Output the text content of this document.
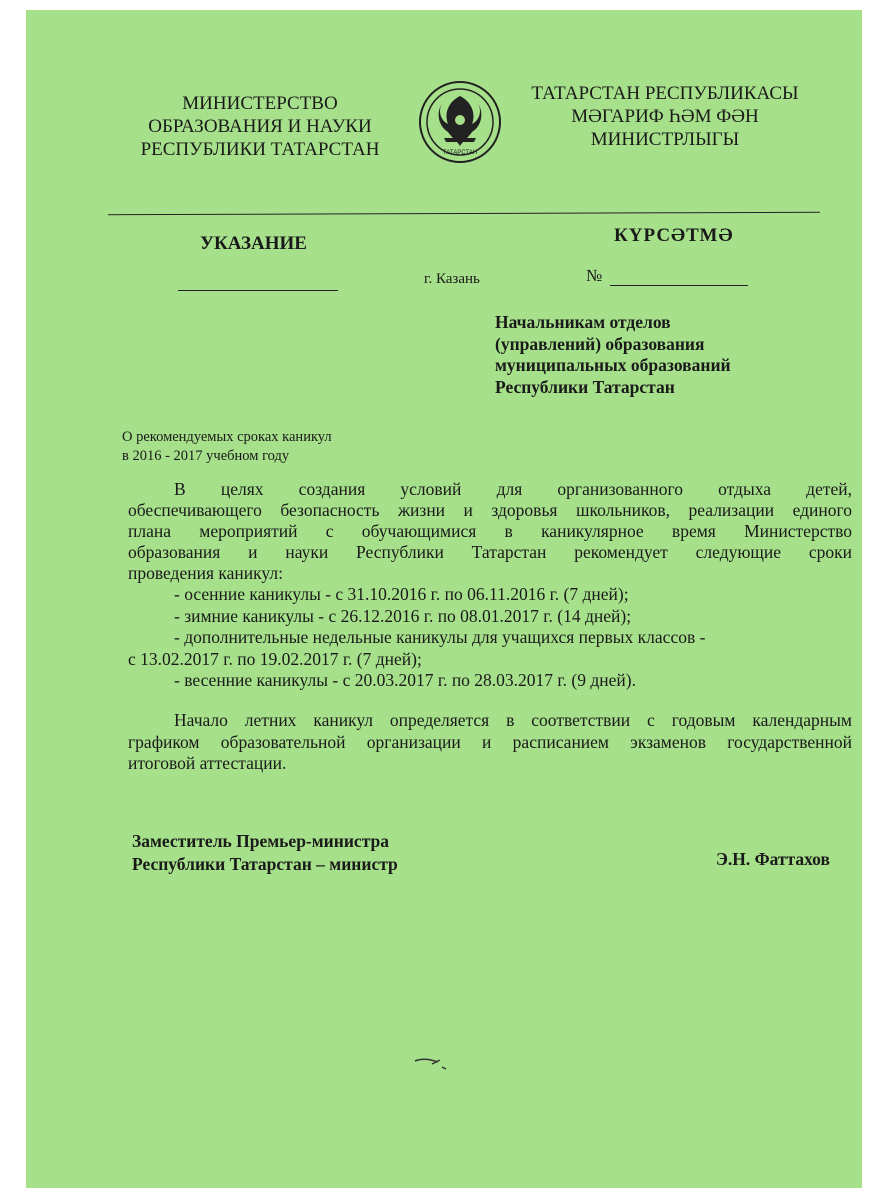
МИНИСТЕРСТВО
ОБРАЗОВАНИЯ И НАУКИ
РЕСПУБЛИКИ ТАТАРСТАН	ТАТАРСТАН
ТАТАРСТАН РЕСПУБЛИКАСЫ
МӘГАРИФ ҺӘМ ФӘН
МИНИСТРЛЫГЫ
УКАЗАНИЕ	КҮРСӘТМӘ
г. Казань	№
Начальникам отделов
(управлений) образования
муниципальных образований
Республики Татарстан
О рекомендуемых сроках каникул
в 2016 - 2017 учебном году
В целях создания условий для организованного отдыха детей,
обеспечивающего безопасность жизни и здоровья школьников, реализации единого
плана мероприятий с обучающимися в каникулярное время Министерство
образования и науки Республики Татарстан рекомендует следующие сроки
проведения каникул:
- осенние каникулы - с 31.10.2016 г. по 06.11.2016 г. (7 дней);
- зимние каникулы - с 26.12.2016 г. по 08.01.2017 г. (14 дней);
- дополнительные недельные каникулы для учащихся первых классов -
с 13.02.2017 г. по 19.02.2017 г. (7 дней);
- весенние каникулы - с 20.03.2017 г. по 28.03.2017 г. (9 дней).
Начало летних каникул определяется в соответствии с годовым календарным
графиком образовательной организации и расписанием экзаменов государственной
итоговой аттестации.
Заместитель Премьер-министра
Республики Татарстан – министр	Э.Н. Фаттахов
